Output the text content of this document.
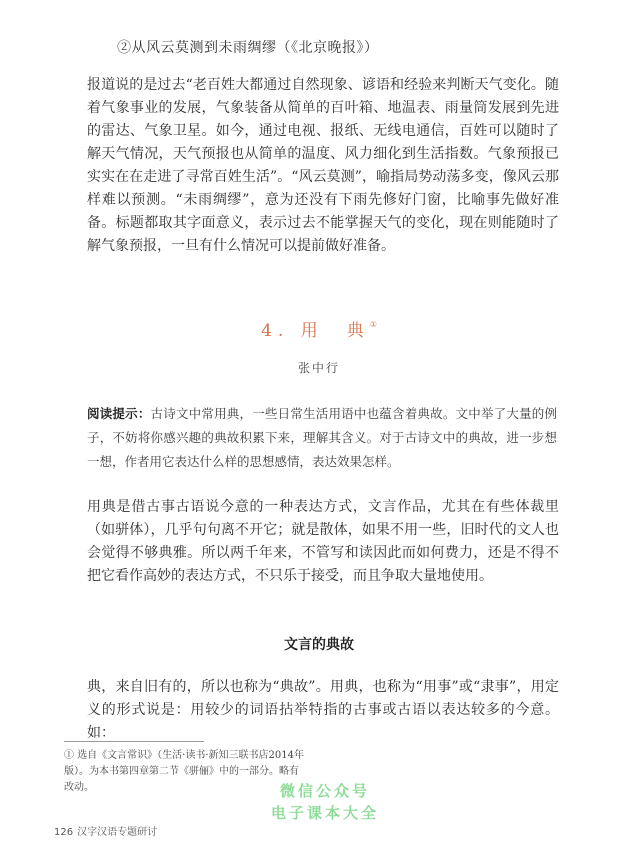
②从风云莫测到未雨绸缪（《北京晚报》）
报道说的是过去“老百姓大都通过自然现象、谚语和经验来判断天气变化。随着气象事业的发展，气象装备从简单的百叶箱、地温表、雨量筒发展到先进的雷达、气象卫星。如今，通过电视、报纸、无线电通信，百姓可以随时了解天气情况，天气预报也从简单的温度、风力细化到生活指数。气象预报已实实在在走进了寻常百姓生活”。“风云莫测”，喻指局势动荡多变，像风云那样难以预测。“未雨绸缪”，意为还没有下雨先修好门窗，比喻事先做好准备。标题都取其字面意义，表示过去不能掌握天气的变化，现在则能随时了解气象预报，一旦有什么情况可以提前做好准备。
4. 用　典①
张中行
阅读提示：古诗文中常用典，一些日常生活用语中也蕴含着典故。文中举了大量的例子，不妨将你感兴趣的典故积累下来，理解其含义。对于古诗文中的典故，进一步想一想，作者用它表达什么样的思想感情，表达效果怎样。
用典是借古事古语说今意的一种表达方式，文言作品，尤其在有些体裁里（如骈体），几乎句句离不开它；就是散体，如果不用一些，旧时代的文人也会觉得不够典雅。所以两千年来，不管写和读因此而如何费力，还是不得不把它看作高妙的表达方式，不只乐于接受，而且争取大量地使用。
文言的典故
典，来自旧有的，所以也称为“典故”。用典，也称为“用事”或“隶事”，用定义的形式说是：用较少的词语拈举特指的古事或古语以表达较多的今意。如：
① 选自《文言常识》（生活·读书·新知三联书店2014年版）。为本书第四章第二节《骈俪》中的一部分。略有改动。	微信公众号
电子课本大全
126 汉字汉语专题研讨
